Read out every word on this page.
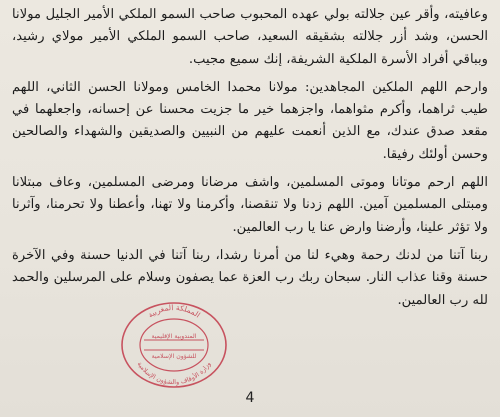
وعافيته، وأقر عين جلالته بولي عهده المحبوب صاحب السمو الملكي الأمير الجليل مولانا الحسن، وشد أزر جلالته بشقيقه السعيد، صاحب السمو الملكي الأمير مولاي رشيد، وبباقي أفراد الأسرة الملكية الشريفة، إنك سميع مجيب.

وارحم اللهم الملكين المجاهدين: مولانا محمدا الخامس ومولانا الحسن الثاني، اللهم طيب ثراهما، وأكرم مثواهما، واجزهما خير ما جزيت محسنا عن إحسانه، واجعلهما في مقعد صدق عندك، مع الذين أنعمت عليهم من النبيين والصديقين والشهداء والصالحين وحسن أولئك رفيقا.

اللهم ارحم موتانا وموتى المسلمين، واشف مرضانا ومرضى المسلمين، وعاف مبتلانا ومبتلى المسلمين آمين. اللهم زدنا ولا تنقصنا، وأكرمنا ولا تهنا، وأعطنا ولا تحرمنا، وآثرنا ولا تؤثر علينا، وأرضنا وارض عنا يا رب العالمين.

ربنا آتنا من لدنك رحمة وهيء لنا من أمرنا رشدا، ربنا آتنا في الدنيا حسنة وفي الآخرة حسنة وقنا عذاب النار. سبحان ربك رب العزة عما يصفون وسلام على المرسلين والحمد لله رب العالمين.

المملكة المغربية
المندوبية الإقليمية
للشؤون الإسلامية
وزارة الأوقاف والشؤون الإسلامية
4
